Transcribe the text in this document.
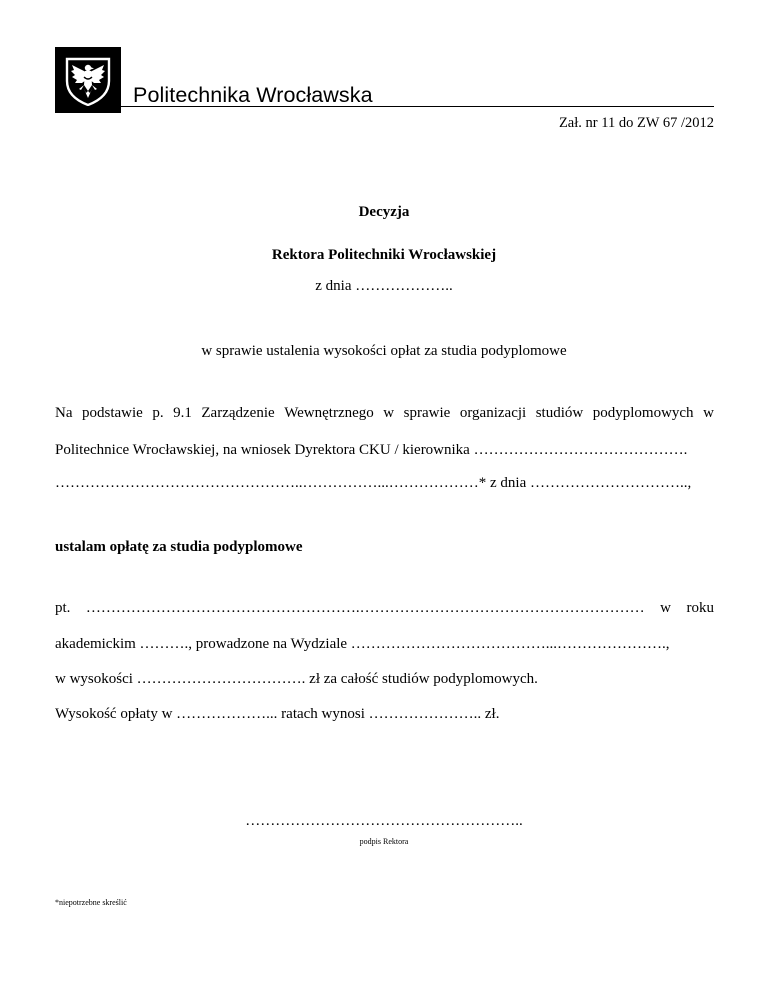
Politechnika Wrocławska
Zał. nr 11 do ZW 67 /2012
Decyzja
Rektora Politechniki Wrocławskiej
z dnia ………………..
w sprawie ustalenia wysokości opłat za studia podyplomowe
Na podstawie p. 9.1 Zarządzenie Wewnętrznego w sprawie organizacji studiów podyplomowych w
Politechnice Wrocławskiej, na wniosek Dyrektora CKU / kierownika …………………………………….
…………………………………………..……………...………………* z dnia …………………………..,
ustalam opłatę za studia podyplomowe
pt. ……………………………………………….………………………………………………… w roku
akademickim ………., prowadzone na Wydziale …………………………………...………………….,
w wysokości ……………………………. zł za całość studiów podyplomowych.
Wysokość opłaty w ………………... ratach wynosi ………………….. zł.
………………………………………………..
podpis Rektora
*niepotrzebne skreślić
